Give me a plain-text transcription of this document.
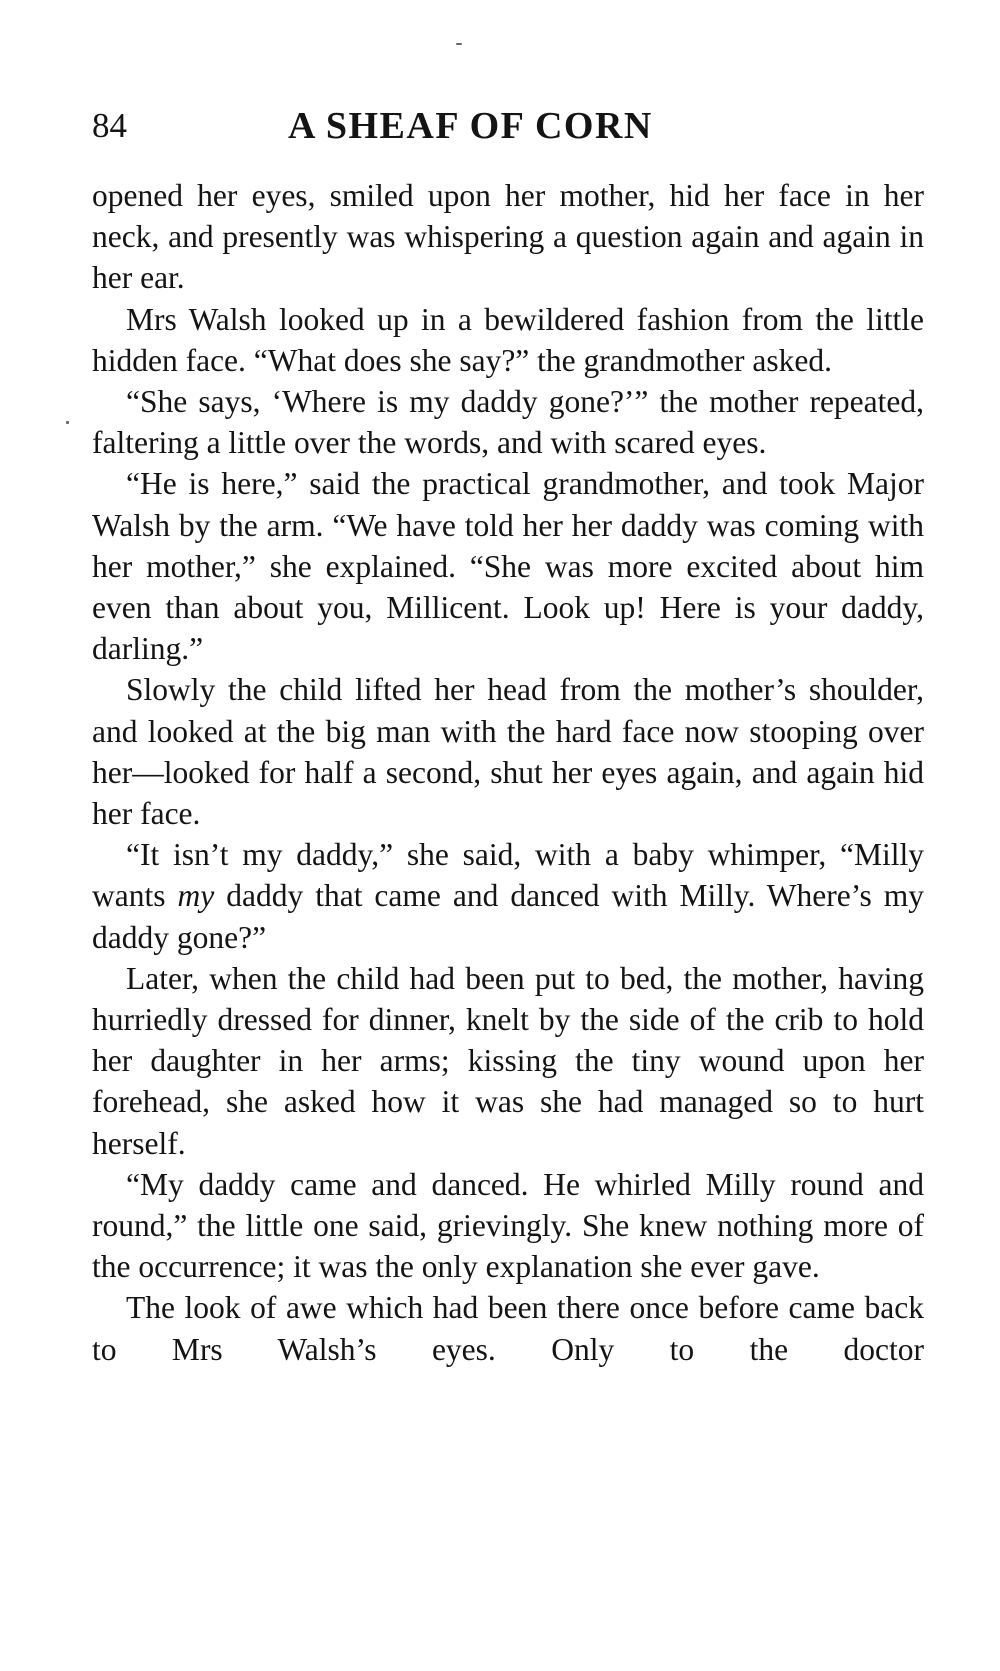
84	A SHEAF OF CORN

opened her eyes, smiled upon her mother, hid her face in her neck, and presently was whispering a question again and again in her ear.

Mrs Walsh looked up in a bewildered fashion from the little hidden face. “What does she say?” the grandmother asked.

“She says, ‘Where is my daddy gone?’” the mother repeated, faltering a little over the words, and with scared eyes.

“He is here,” said the practical grandmother, and took Major Walsh by the arm. “We have told her her daddy was coming with her mother,” she explained. “She was more excited about him even than about you, Millicent. Look up! Here is your daddy, darling.”

Slowly the child lifted her head from the mother’s shoulder, and looked at the big man with the hard face now stooping over her—looked for half a second, shut her eyes again, and again hid her face.

“It isn’t my daddy,” she said, with a baby whimper, “Milly wants my daddy that came and danced with Milly. Where’s my daddy gone?”

Later, when the child had been put to bed, the mother, having hurriedly dressed for dinner, knelt by the side of the crib to hold her daughter in her arms; kissing the tiny wound upon her forehead, she asked how it was she had managed so to hurt herself.

“My daddy came and danced. He whirled Milly round and round,” the little one said, grievingly. She knew nothing more of the occurrence; it was the only explanation she ever gave.

The look of awe which had been there once before came back to Mrs Walsh’s eyes. Only to the doctor
